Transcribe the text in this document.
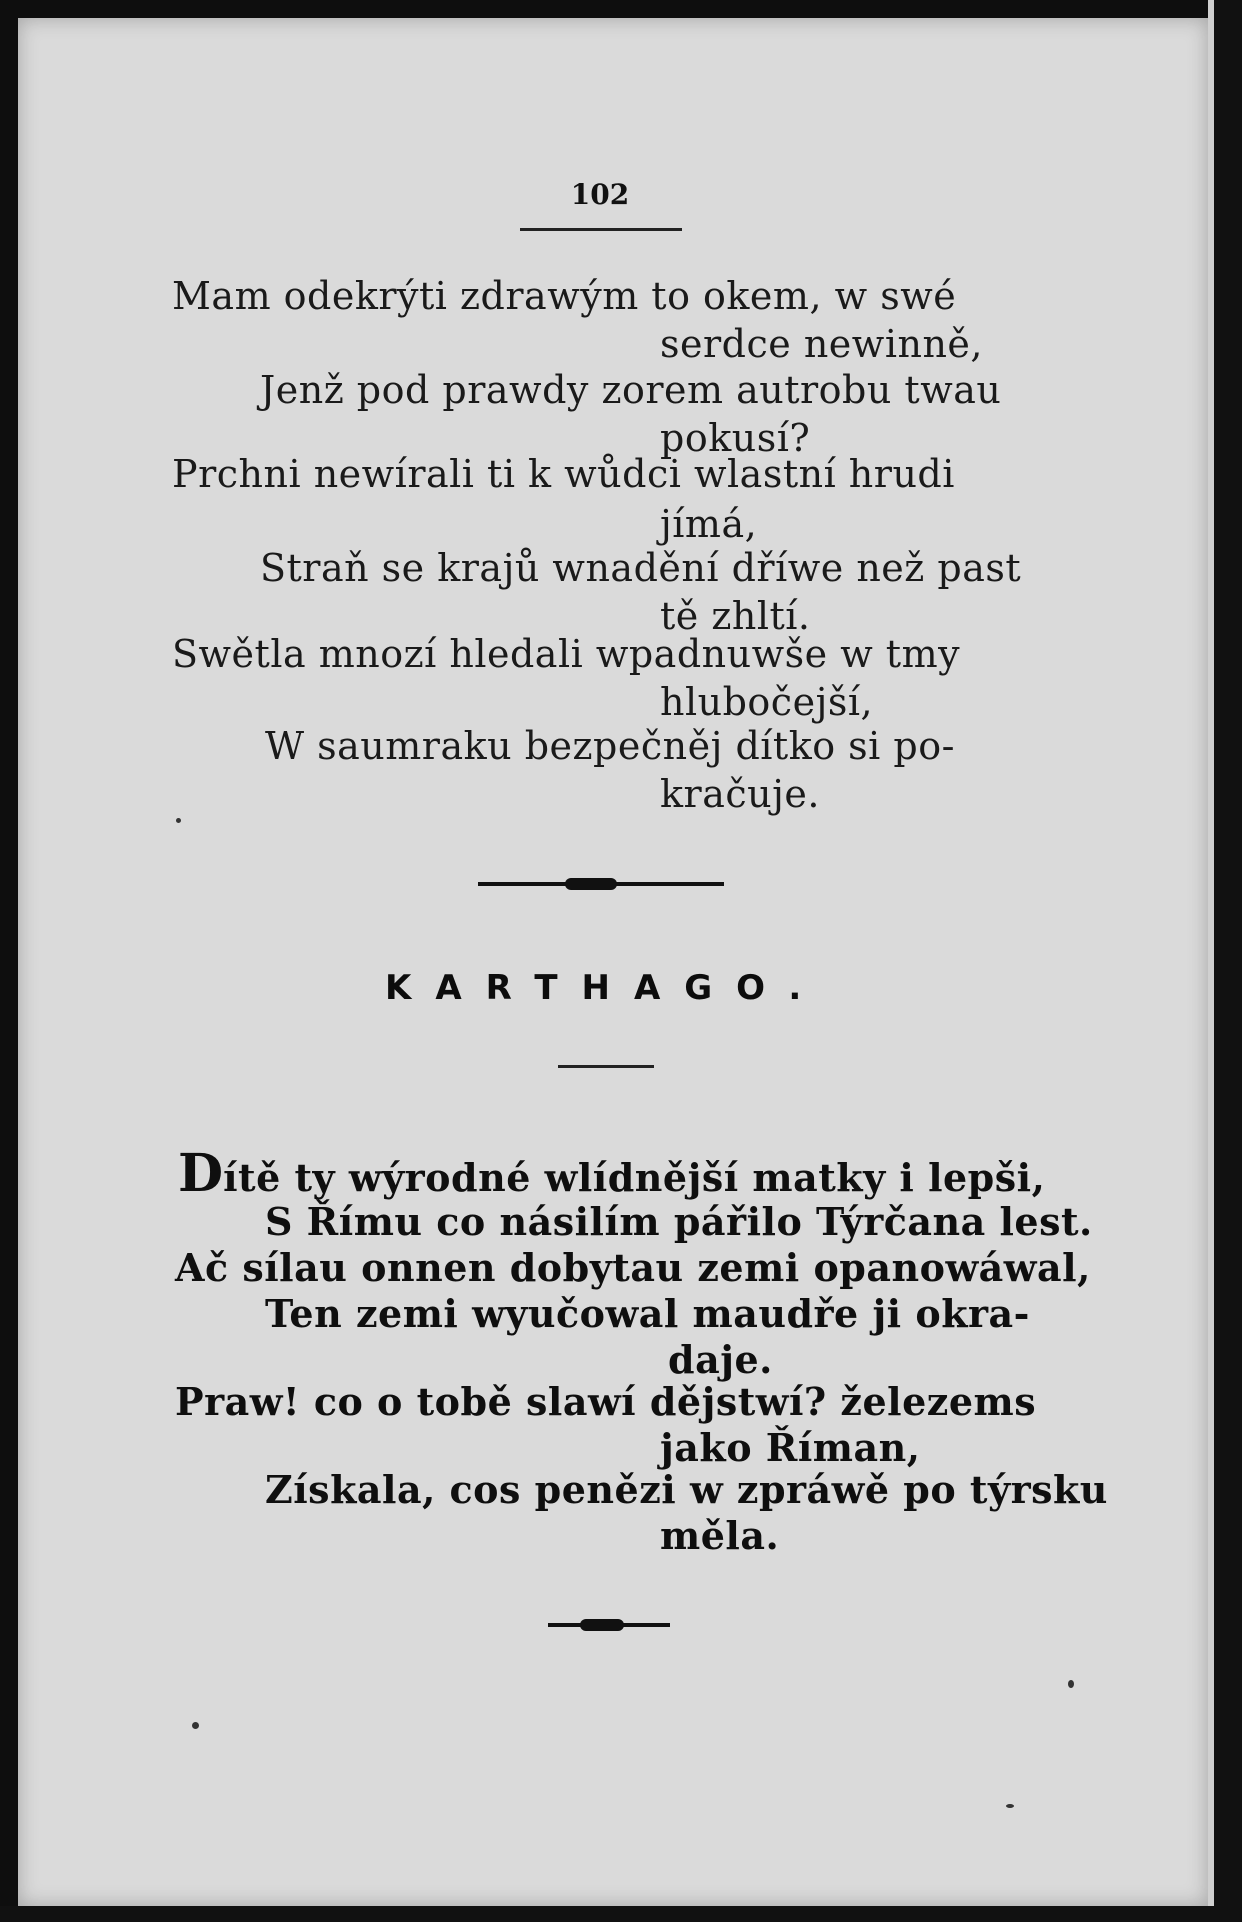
102
Mam odekrýti zdrawým to okem, w swé
serdce newinně,
Jenž pod prawdy zorem autrobu twau
pokusí?
Prchni newírali ti k wůdci wlastní hrudi
jímá,
Straň se krajů wnadění dříwe než past
tě zhltí.
Swětla mnozí hledali wpadnuwše w tmy
hlubočejší,
W saumraku bezpečněj dítko si po-
kračuje.
KARTHAGO.
Dítě ty wýrodné wlídnější matky i lepši,
S Římu co násilím pářilo Týrčana lest.
Ač sílau onnen dobytau zemi opanowáwal,
Ten zemi wyučowal maudře ji okra-
daje.
Praw! co o tobě slawí dějstwí? železems
jako Říman,
Získala, cos penězi w zpráwě po týrsku
měla.
